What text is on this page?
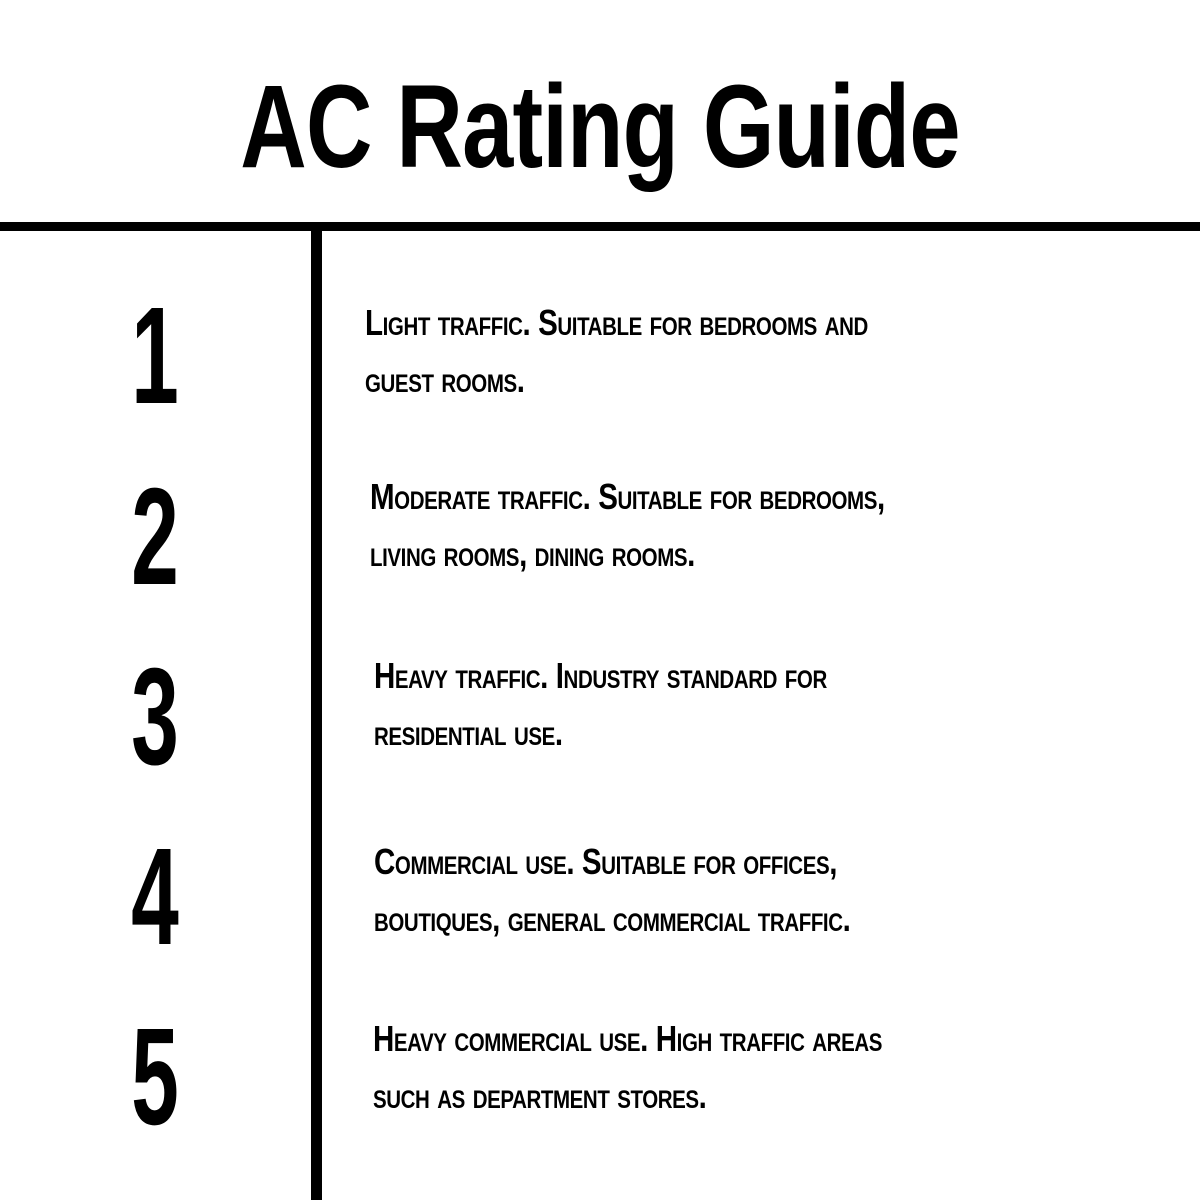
AC Rating Guide
1	Light traffic. Suitable for bedrooms and
guest rooms.
2	Moderate traffic. Suitable for bedrooms,
living rooms, dining rooms.
3	Heavy traffic. Industry standard for
residential use.
4	Commercial use. Suitable for offices,
boutiques, general commercial traffic.
5	Heavy commercial use. High traffic areas
such as department stores.
